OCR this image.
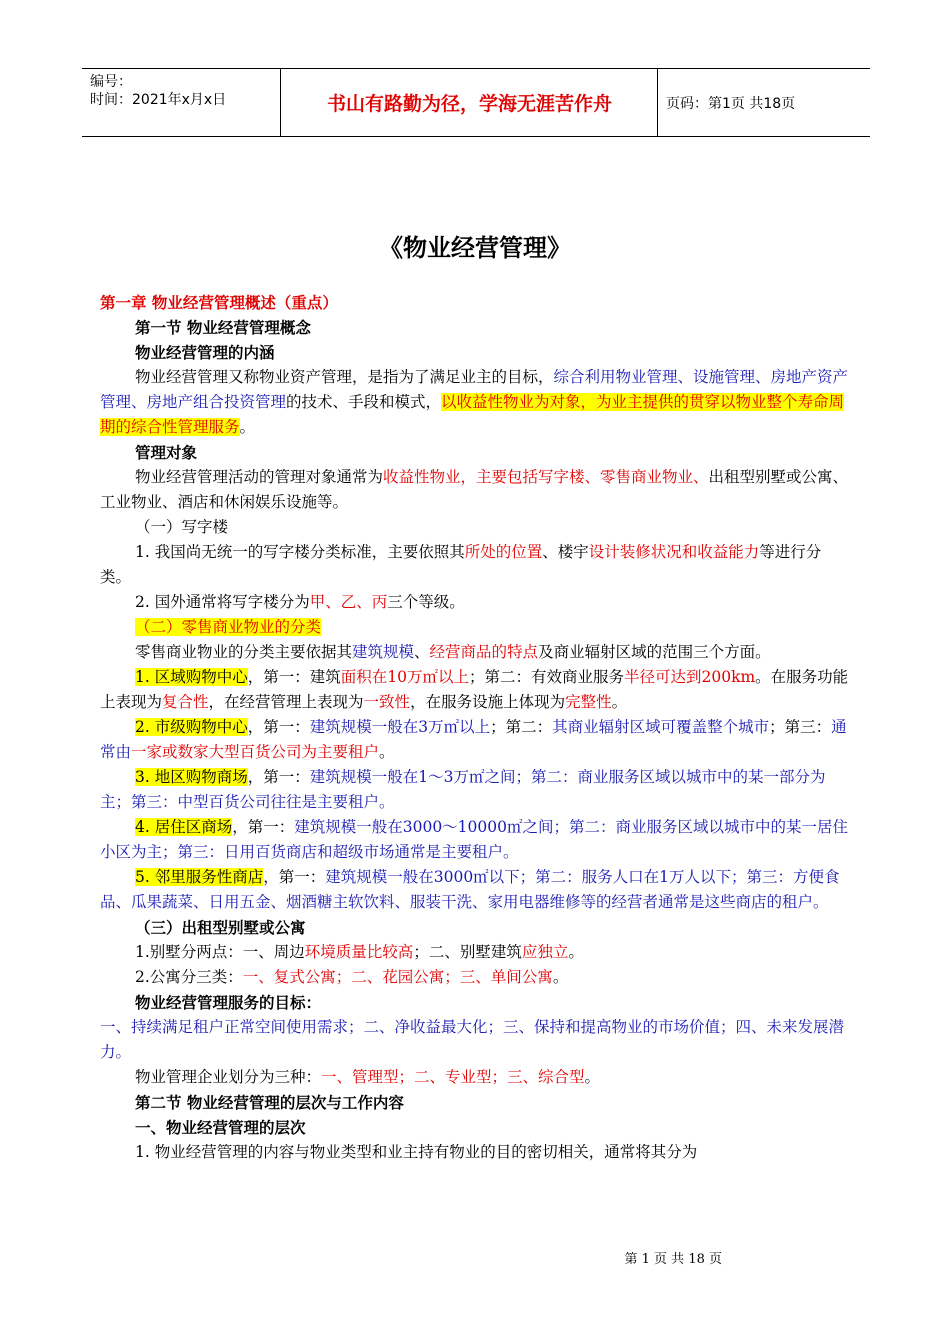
编号：
时间：2021年x月x日	书山有路勤为径，学海无涯苦作舟	页码：第1页 共18页
《物业经营管理》

第一章 物业经营管理概述（重点）

第一节 物业经营管理概念

物业经营管理的内涵

物业经营管理又称物业资产管理，是指为了满足业主的目标，综合利用物业管理、设施管理、房地产资产管理、房地产组合投资管理的技术、手段和模式，以收益性物业为对象，为业主提供的贯穿以物业整个寿命周期的综合性管理服务。

管理对象

物业经营管理活动的管理对象通常为收益性物业，主要包括写字楼、零售商业物业、出租型别墅或公寓、工业物业、酒店和休闲娱乐设施等。

（一）写字楼

1. 我国尚无统一的写字楼分类标准，主要依照其所处的位置、楼宇设计装修状况和收益能力等进行分类。

2. 国外通常将写字楼分为甲、乙、丙三个等级。

（二）零售商业物业的分类

零售商业物业的分类主要依据其建筑规模、经营商品的特点及商业辐射区域的范围三个方面。

1. 区域购物中心，第一：建筑面积在10万㎡以上；第二：有效商业服务半径可达到200km。在服务功能上表现为复合性，在经营管理上表现为一致性，在服务设施上体现为完整性。

2. 市级购物中心，第一：建筑规模一般在3万㎡以上；第二：其商业辐射区域可覆盖整个城市；第三：通常由一家或数家大型百货公司为主要租户。

3. 地区购物商场，第一：建筑规模一般在1～3万㎡之间；第二：商业服务区域以城市中的某一部分为主；第三：中型百货公司往往是主要租户。

4. 居住区商场，第一：建筑规模一般在3000～10000㎡之间；第二：商业服务区域以城市中的某一居住小区为主；第三：日用百货商店和超级市场通常是主要租户。

5. 邻里服务性商店，第一：建筑规模一般在3000㎡以下；第二：服务人口在1万人以下；第三：方便食品、瓜果蔬菜、日用五金、烟酒糖主软饮料、服装干洗、家用电器维修等的经营者通常是这些商店的租户。

（三）出租型别墅或公寓

1.别墅分两点：一、周边环境质量比较高；二、别墅建筑应独立。

2.公寓分三类：一、复式公寓；二、花园公寓；三、单间公寓。

物业经营管理服务的目标：

一、持续满足租户正常空间使用需求；二、净收益最大化；三、保持和提高物业的市场价值；四、未来发展潜力。

物业管理企业划分为三种：一、管理型；二、专业型；三、综合型。

第二节 物业经营管理的层次与工作内容

一、物业经营管理的层次

1. 物业经营管理的内容与物业类型和业主持有物业的目的密切相关，通常将其分为

第 1 页 共 18 页
